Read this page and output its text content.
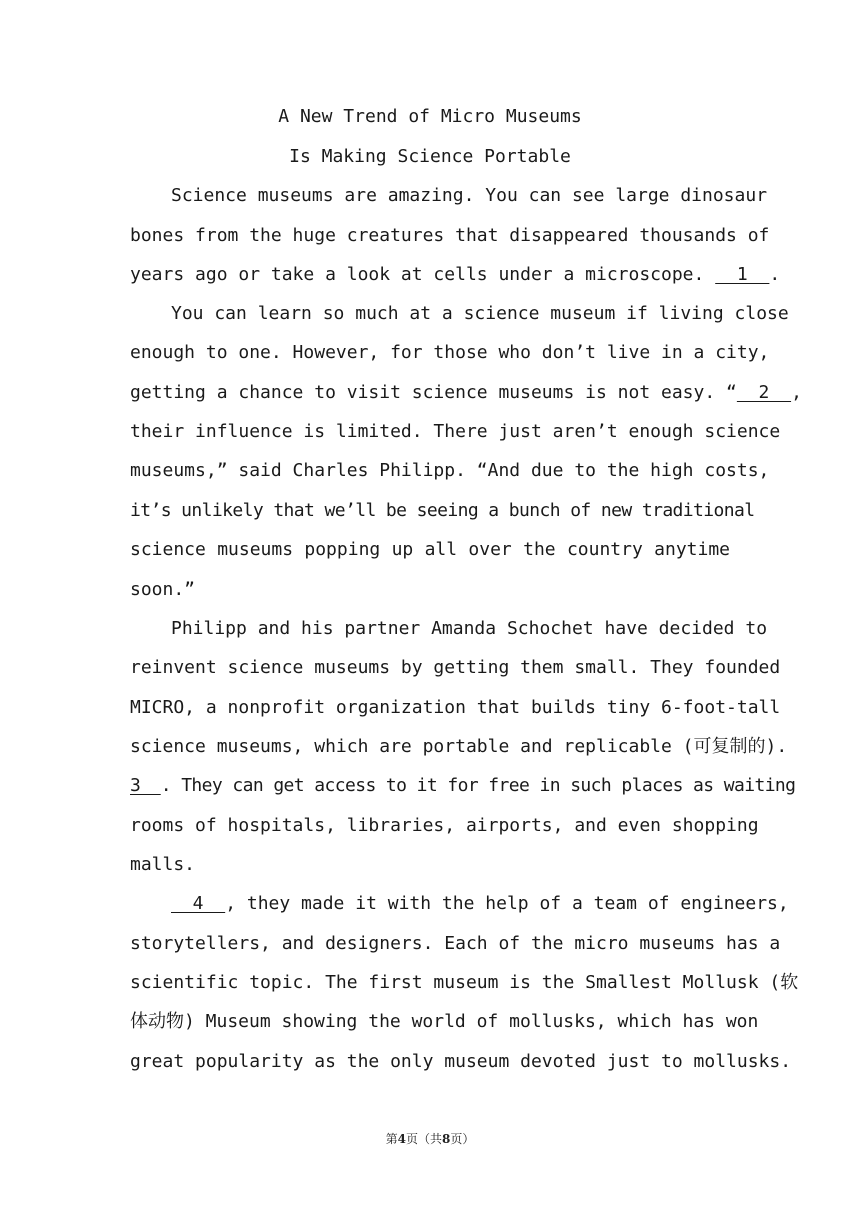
A New Trend of Micro Museums
Is Making Science Portable
Science museums are amazing. You can see large dinosaur
bones from the huge creatures that disappeared thousands of
years ago or take a look at cells under a microscope.   1  .
You can learn so much at a science museum if living close
enough to one. However, for those who don’t live in a city,
getting a chance to visit science museums is not easy. “  2  ,
their influence is limited. There just aren’t enough science
museums,” said Charles Philipp. “And due to the high costs,
it’s unlikely that we’ll be seeing a bunch of new traditional
science museums popping up all over the country anytime
soon.”
Philipp and his partner Amanda Schochet have decided to
reinvent science museums by getting them small. They founded
MICRO, a nonprofit organization that builds tiny 6-foot-tall
science museums, which are portable and replicable (可复制的).
3  . They can get access to it for free in such places as waiting
rooms of hospitals, libraries, airports, and even shopping
malls.
4  , they made it with the help of a team of engineers,
storytellers, and designers. Each of the micro museums has a
scientific topic. The first museum is the Smallest Mollusk (软
体动物) Museum showing the world of mollusks, which has won
great popularity as the only museum devoted just to mollusks.
第4页（共8页）
